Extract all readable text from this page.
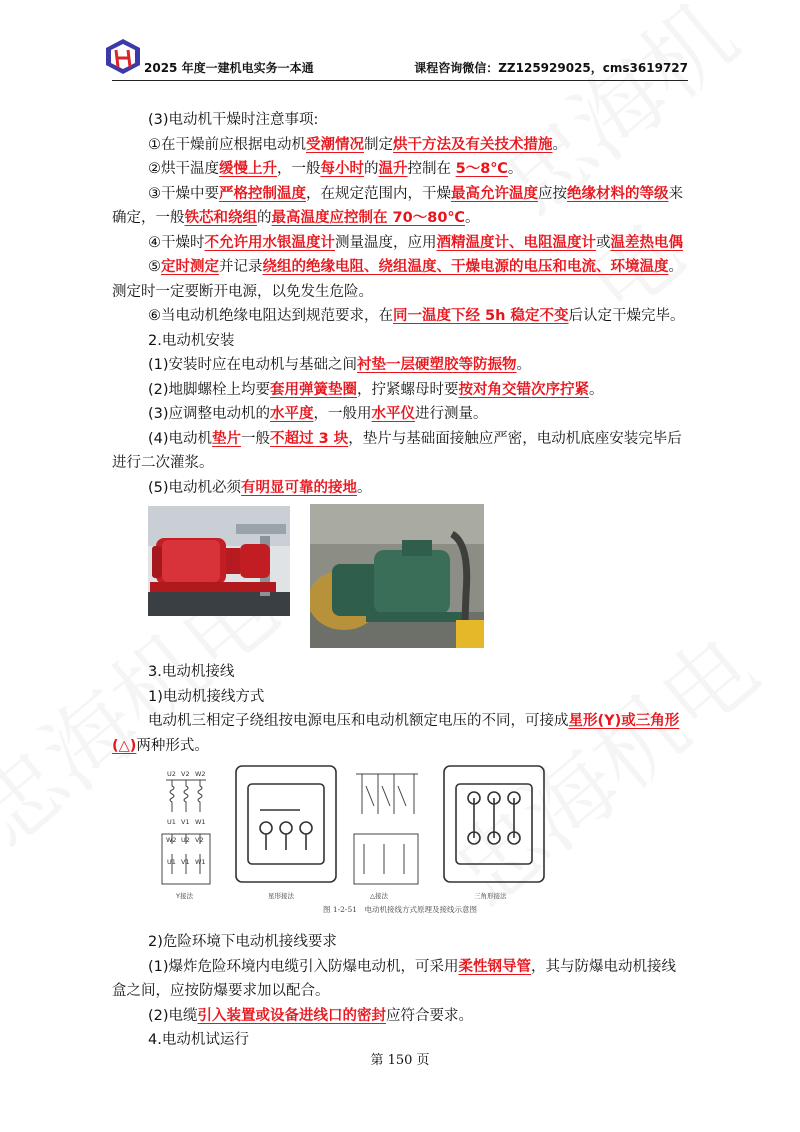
2025 年度一建机电实务一本通	课程咨询微信：ZZ125929025，cms3619727

(3)电动机干燥时注意事项:

①在干燥前应根据电动机受潮情况制定烘干方法及有关技术措施。

②烘干温度缓慢上升，一般每小时的温升控制在 5～8℃。

③干燥中要严格控制温度，在规定范围内，干燥最高允许温度应按绝缘材料的等级来确定，一般铁芯和绕组的最高温度应控制在 70～80℃。

④干燥时不允许用水银温度计测量温度，应用酒精温度计、电阻温度计或温差热电偶

⑤定时测定并记录绕组的绝缘电阻、绕组温度、干燥电源的电压和电流、环境温度。测定时一定要断开电源，以免发生危险。

⑥当电动机绝缘电阻达到规范要求，在同一温度下经 5h 稳定不变后认定干燥完毕。

2.电动机安装

(1)安装时应在电动机与基础之间衬垫一层硬塑胶等防振物。

(2)地脚螺栓上均要套用弹簧垫圈，拧紧螺母时要按对角交错次序拧紧。

(3)应调整电动机的水平度，一般用水平仪进行测量。

(4)电动机垫片一般不超过 3 块，垫片与基础面接触应严密，电动机底座安装完毕后进行二次灌浆。

(5)电动机必须有明显可靠的接地。

3.电动机接线

1)电动机接线方式

电动机三相定子绕组按电源电压和电动机额定电压的不同，可接成星形(Y)或三角形(△)两种形式。

U2 V2 W2
U1 V1 W1
W2 U2 V2
U1 V1 W1
Y接法	星形接法	△接法	三角形接法
图 1-2-51　电动机接线方式原理及接线示意图

2)危险环境下电动机接线要求

(1)爆炸危险环境内电缆引入防爆电动机，可采用柔性钢导管，其与防爆电动机接线盒之间，应按防爆要求加以配合。

(2)电缆引入装置或设备进线口的密封应符合要求。

4.电动机试运行

第 150 页
